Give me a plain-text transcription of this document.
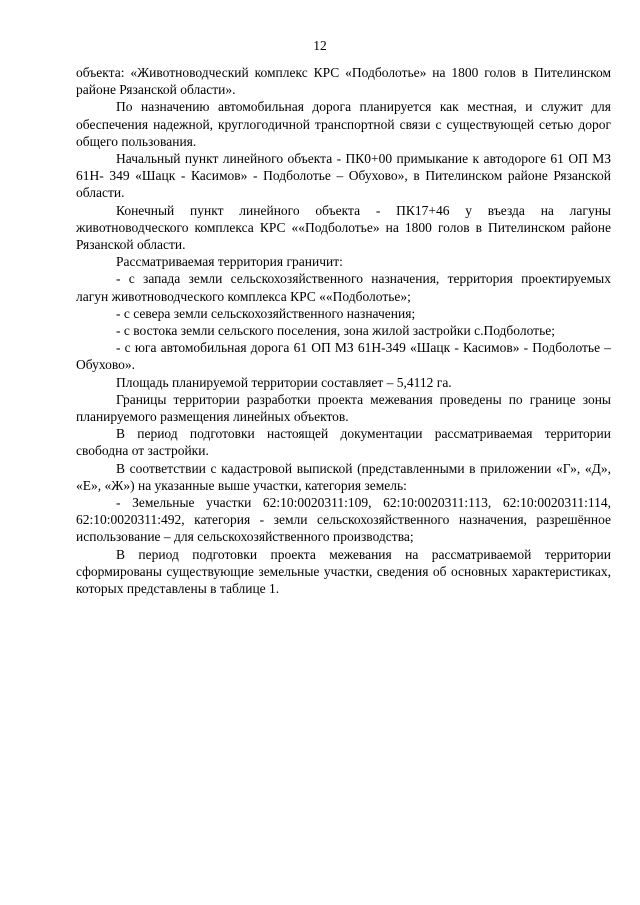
12

объекта: «Животноводческий комплекс КРС «Подболотье» на 1800 голов в Пителинском районе Рязанской области».

По назначению автомобильная дорога планируется как местная, и служит для обеспечения надежной, круглогодичной транспортной связи с существующей сетью дорог общего пользования.

Начальный пункт линейного объекта - ПК0+00 примыкание к автодороге 61 ОП МЗ 61Н- 349 «Шацк - Касимов» - Подболотье – Обухово», в Пителинском районе Рязанской области.

Конечный пункт линейного объекта - ПК17+46 у въезда на лагуны животноводческого комплекса КРС ««Подболотье» на 1800 голов в Пителинском районе Рязанской области.

Рассматриваемая территория граничит:

- с запада земли сельскохозяйственного назначения, территория проектируемых лагун животноводческого комплекса КРС ««Подболотье»;

- с севера земли сельскохозяйственного назначения;

- с востока земли сельского поселения, зона жилой застройки с.Подболотье;

- с юга автомобильная дорога 61 ОП МЗ 61Н-349 «Шацк - Касимов» - Подболотье – Обухово».

Площадь планируемой территории составляет – 5,4112 га.

Границы территории разработки проекта межевания проведены по границе зоны планируемого размещения линейных объектов.

В период подготовки настоящей документации рассматриваемая территории свободна от застройки.

В соответствии с кадастровой выпиской (представленными в приложении «Г», «Д», «Е», «Ж») на указанные выше участки, категория земель:

- Земельные участки 62:10:0020311:109, 62:10:0020311:113, 62:10:0020311:114, 62:10:0020311:492, категория - земли сельскохозяйственного назначения, разрешённое использование – для сельскохозяйственного производства;

В период подготовки проекта межевания на рассматриваемой территории сформированы существующие земельные участки, сведения об основных характеристиках, которых представлены в таблице 1.
